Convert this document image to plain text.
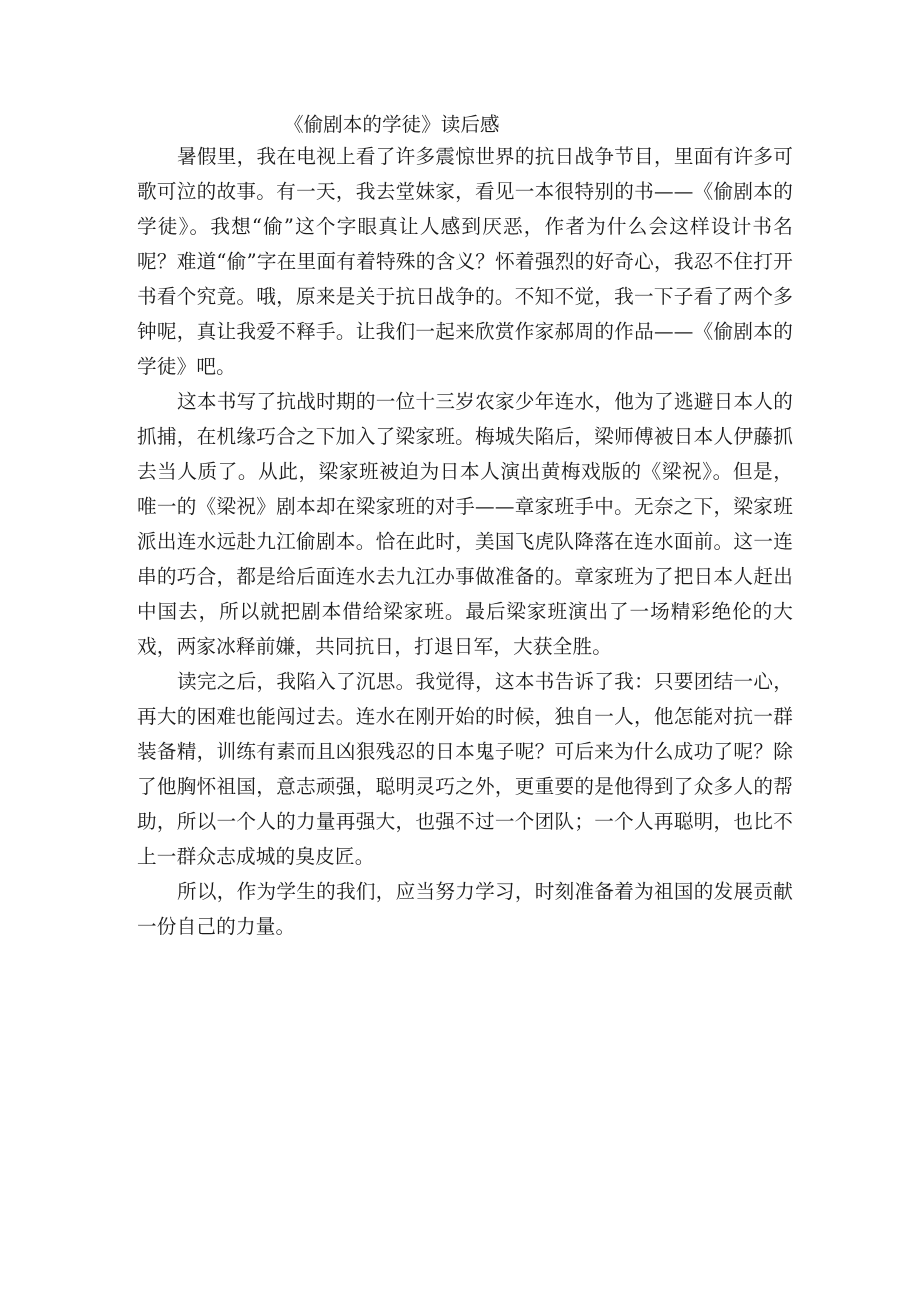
《偷剧本的学徒》读后感

暑假里，我在电视上看了许多震惊世界的抗日战争节目，里面有许多可歌可泣的故事。有一天，我去堂妹家，看见一本很特别的书——《偷剧本的学徒》。我想“偷”这个字眼真让人感到厌恶，作者为什么会这样设计书名呢？难道“偷”字在里面有着特殊的含义？怀着强烈的好奇心，我忍不住打开书看个究竟。哦，原来是关于抗日战争的。不知不觉，我一下子看了两个多钟呢，真让我爱不释手。让我们一起来欣赏作家郝周的作品——《偷剧本的学徒》吧。

这本书写了抗战时期的一位十三岁农家少年连水，他为了逃避日本人的抓捕，在机缘巧合之下加入了梁家班。梅城失陷后，梁师傅被日本人伊藤抓去当人质了。从此，梁家班被迫为日本人演出黄梅戏版的《梁祝》。但是，唯一的《梁祝》剧本却在梁家班的对手——章家班手中。无奈之下，梁家班派出连水远赴九江偷剧本。恰在此时，美国飞虎队降落在连水面前。这一连串的巧合，都是给后面连水去九江办事做准备的。章家班为了把日本人赶出中国去，所以就把剧本借给梁家班。最后梁家班演出了一场精彩绝伦的大戏，两家冰释前嫌，共同抗日，打退日军，大获全胜。

读完之后，我陷入了沉思。我觉得，这本书告诉了我：只要团结一心，再大的困难也能闯过去。连水在刚开始的时候，独自一人，他怎能对抗一群装备精，训练有素而且凶狠残忍的日本鬼子呢？可后来为什么成功了呢？除了他胸怀祖国，意志顽强，聪明灵巧之外，更重要的是他得到了众多人的帮助，所以一个人的力量再强大，也强不过一个团队；一个人再聪明，也比不上一群众志成城的臭皮匠。

所以，作为学生的我们，应当努力学习，时刻准备着为祖国的发展贡献一份自己的力量。
